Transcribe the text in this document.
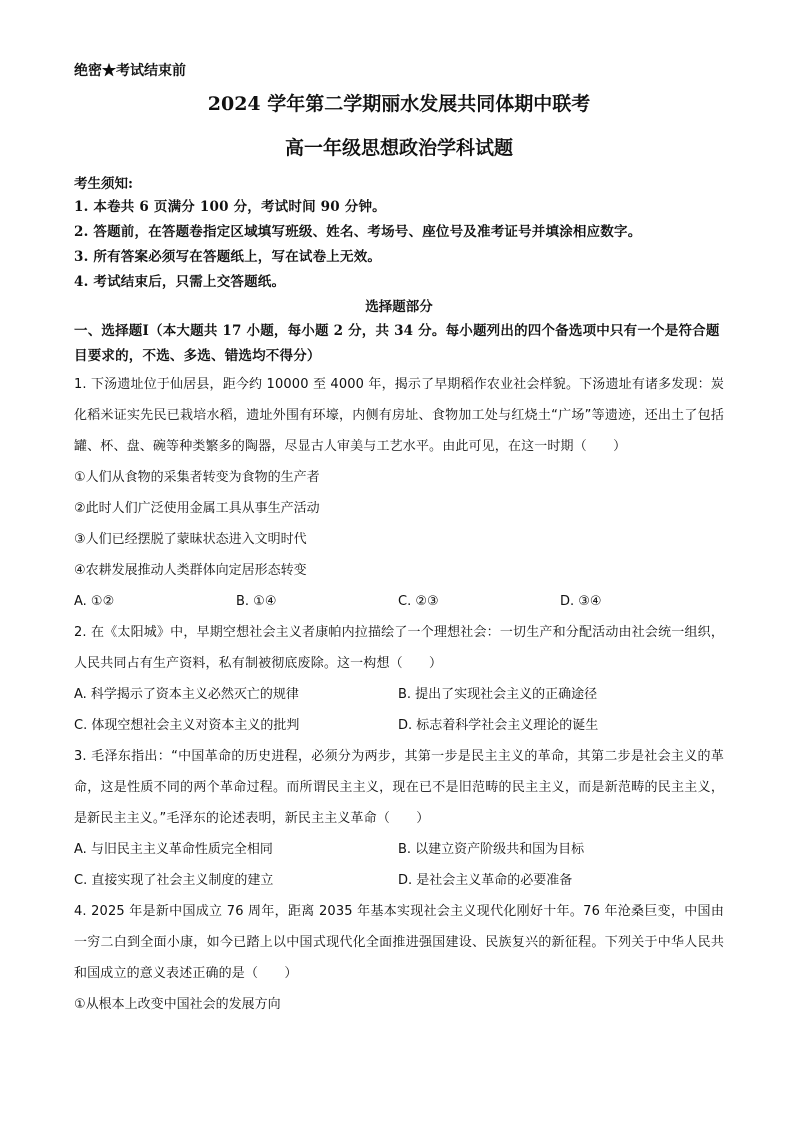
绝密★考试结束前

2024 学年第二学期丽水发展共同体期中联考

高一年级思想政治学科试题

考生须知:

1. 本卷共 6 页满分 100 分，考试时间 90 分钟。

2. 答题前，在答题卷指定区域填写班级、姓名、考场号、座位号及准考证号并填涂相应数字。

3. 所有答案必须写在答题纸上，写在试卷上无效。

4. 考试结束后，只需上交答题纸。

选择题部分

一、选择题Ⅰ（本大题共 17 小题，每小题 2 分，共 34 分。每小题列出的四个备选项中只有一个是符合题目要求的，不选、多选、错选均不得分）

1. 下汤遗址位于仙居县，距今约 10000 至 4000 年，揭示了早期稻作农业社会样貌。下汤遗址有诸多发现：炭化稻米证实先民已栽培水稻，遗址外围有环壕，内侧有房址、食物加工处与红烧土“广场”等遗迹，还出土了包括罐、杯、盘、碗等种类繁多的陶器，尽显古人审美与工艺水平。由此可见，在这一时期（　　）

①人们从食物的采集者转变为食物的生产者

②此时人们广泛使用金属工具从事生产活动

③人们已经摆脱了蒙昧状态进入文明时代

④农耕发展推动人类群体向定居形态转变

A. ①②	B. ①④	C. ②③	D. ③④

2. 在《太阳城》中，早期空想社会主义者康帕内拉描绘了一个理想社会：一切生产和分配活动由社会统一组织，人民共同占有生产资料，私有制被彻底废除。这一构想（　　）

A. 科学揭示了资本主义必然灭亡的规律	B. 提出了实现社会主义的正确途径
C. 体现空想社会主义对资本主义的批判	D. 标志着科学社会主义理论的诞生

3. 毛泽东指出：“中国革命的历史进程，必须分为两步，其第一步是民主主义的革命，其第二步是社会主义的革命，这是性质不同的两个革命过程。而所谓民主主义，现在已不是旧范畴的民主主义，而是新范畴的民主主义，是新民主主义。”毛泽东的论述表明，新民主主义革命（　　）

A. 与旧民主主义革命性质完全相同	B. 以建立资产阶级共和国为目标
C. 直接实现了社会主义制度的建立	D. 是社会主义革命的必要准备

4. 2025 年是新中国成立 76 周年，距离 2035 年基本实现社会主义现代化刚好十年。76 年沧桑巨变，中国由一穷二白到全面小康，如今已踏上以中国式现代化全面推进强国建设、民族复兴的新征程。下列关于中华人民共和国成立的意义表述正确的是（　　）

①从根本上改变中国社会的发展方向
